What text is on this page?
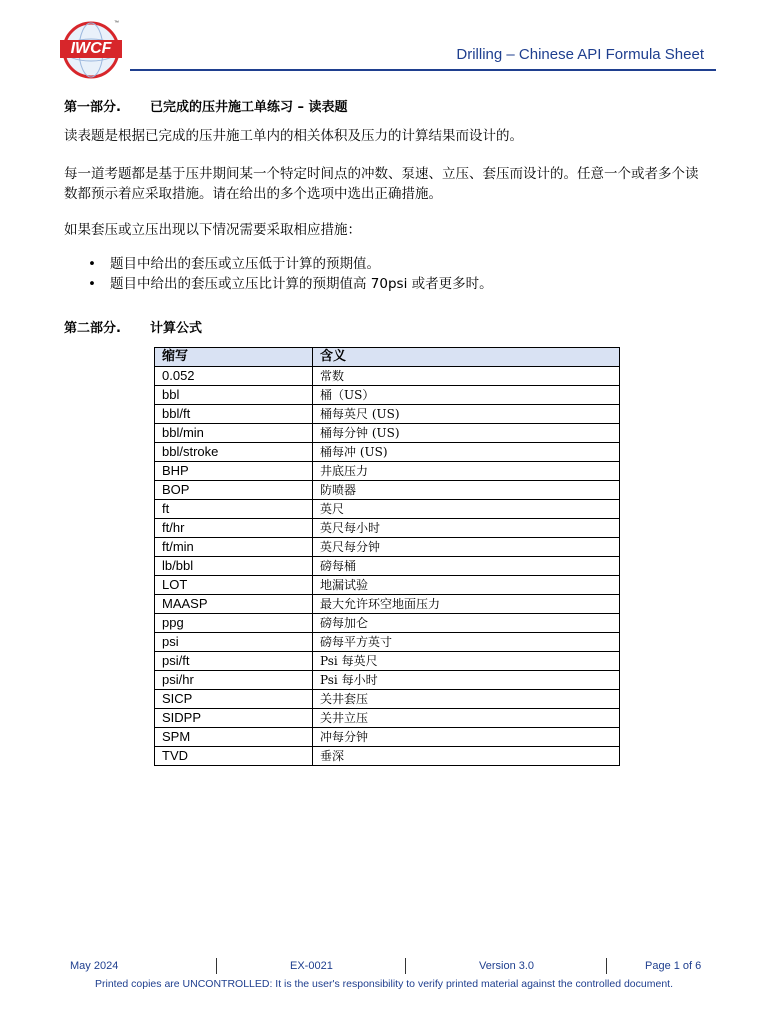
™
IWCF	Drilling – Chinese API Formula Sheet
第一部分. 已完成的压井施工单练习 – 读表题
读表题是根据已完成的压井施工单内的相关体积及压力的计算结果而设计的。
每一道考题都是基于压井期间某一个特定时间点的冲数、泵速、立压、套压而设计的。任意一个或者多个读数都预示着应采取措施。请在给出的多个选项中选出正确措施。
如果套压或立压出现以下情况需要采取相应措施：
• 题目中给出的套压或立压低于计算的预期值。
• 题目中给出的套压或立压比计算的预期值高 70psi 或者更多时。
第二部分. 计算公式
缩写	含义
0.052	常数
bbl	桶（US）
bbl/ft	桶每英尺 (US)
bbl/min	桶每分钟 (US)
bbl/stroke	桶每冲 (US)
BHP	井底压力
BOP	防喷器
ft	英尺
ft/hr	英尺每小时
ft/min	英尺每分钟
lb/bbl	磅每桶
LOT	地漏试验
MAASP	最大允许环空地面压力
ppg	磅每加仑
psi	磅每平方英寸
psi/ft	Psi 每英尺
psi/hr	Psi 每小时
SICP	关井套压
SIDPP	关井立压
SPM	冲每分钟
TVD	垂深
May 2024	EX-0021	Version 3.0	Page 1 of 6
Printed copies are UNCONTROLLED: It is the user's responsibility to verify printed material against the controlled document.
